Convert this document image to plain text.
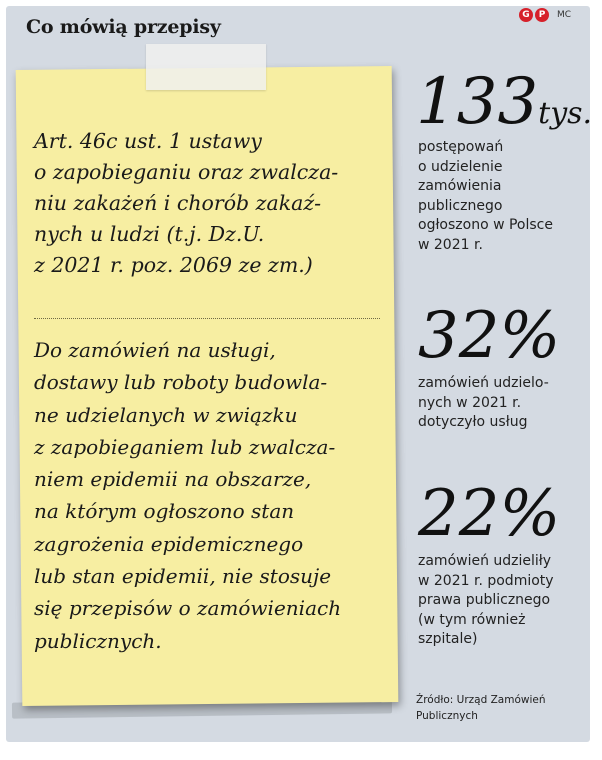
Co mówią przepisy
G	P	MC

Art. 46c ust. 1 ustawy
o zapobieganiu oraz zwalcza-
niu zakażeń i chorób zakaź-
nych u ludzi (t.j. Dz.U.
z 2021 r. poz. 2069 ze zm.)

Do zamówień na usługi,
dostawy lub roboty budowla-
ne udzielanych w związku
z zapobieganiem lub zwalcza-
niem epidemii na obszarze,
na którym ogłoszono stan
zagrożenia epidemicznego
lub stan epidemii, nie stosuje
się przepisów o zamówieniach
publicznych.

133tys.

postępowań
o udzielenie
zamówienia
publicznego
ogłoszono w Polsce
w 2021 r.

32%

zamówień udzielo-
nych w 2021 r.
dotyczyło usług

22%

zamówień udzieliły
w 2021 r. podmioty
prawa publicznego
(w tym również
szpitale)

Źródło: Urząd Zamówień
Publicznych
